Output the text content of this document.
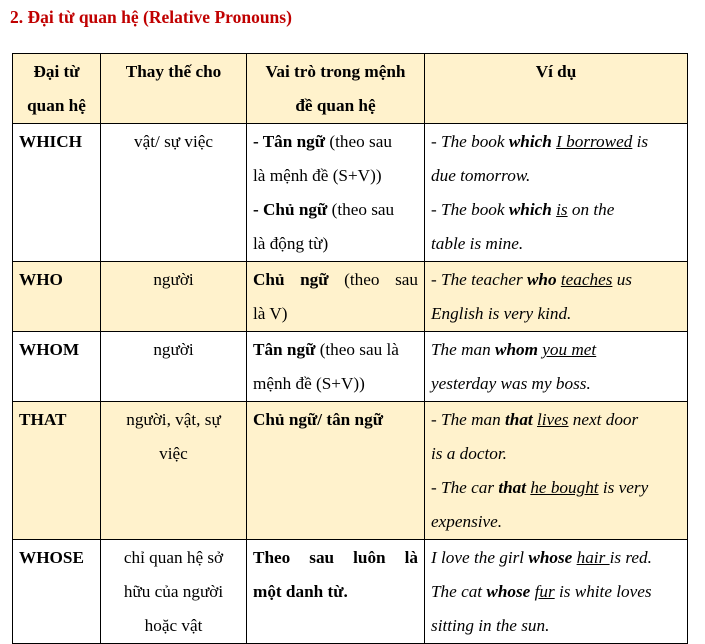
2. Đại từ quan hệ (Relative Pronouns)
Đại từ
quan hệ	Thay thế cho	Vai trò trong mệnh
đề quan hệ	Ví dụ

WHICH	vật/ sự việc	- Tân ngữ (theo sau
là mệnh đề (S+V))
- Chủ ngữ (theo sau
là động từ)	- The book which I borrowed is
due tomorrow.
- The book which is on the
table is mine.

WHO	người	Chủ ngữ (theo sau
là V)	- The teacher who teaches us
English is very kind.

WHOM	người	Tân ngữ (theo sau là
mệnh đề (S+V))	The man whom you met
yesterday was my boss.

THAT	người, vật, sự
việc	Chủ ngữ/ tân ngữ	- The man that lives next door
is a doctor.
- The car that he bought is very
expensive.

WHOSE	chỉ quan hệ sở
hữu của người
hoặc vật	Theo sau luôn là
một danh từ.	I love the girl whose hair is red.
The cat whose fur is white loves
sitting in the sun.
